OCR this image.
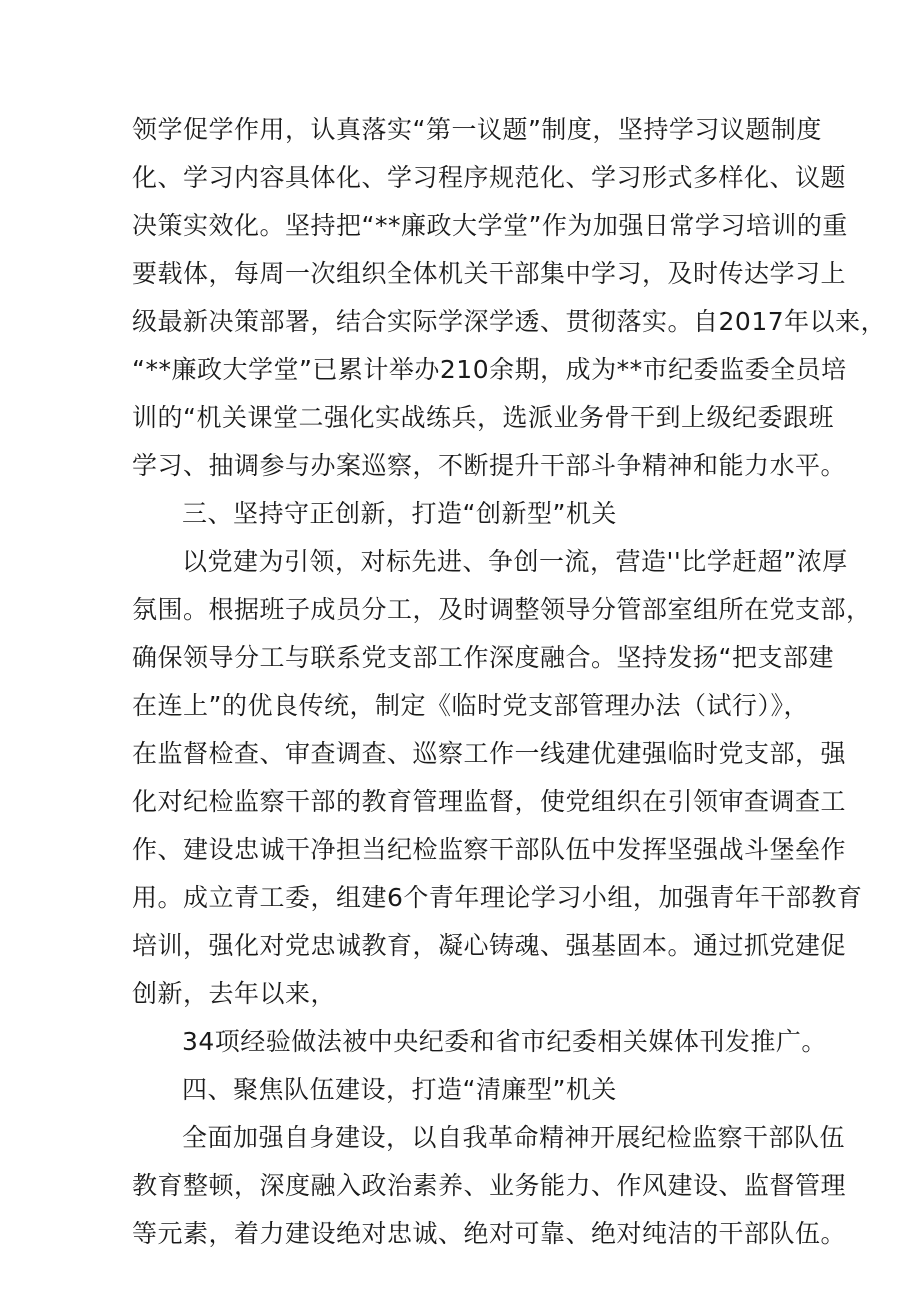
领学促学作用，认真落实“第一议题”制度，坚持学习议题制度
化、学习内容具体化、学习程序规范化、学习形式多样化、议题
决策实效化。坚持把“**廉政大学堂”作为加强日常学习培训的重
要载体，每周一次组织全体机关干部集中学习，及时传达学习上
级最新决策部署，结合实际学深学透、贯彻落实。自2017年以来，
“**廉政大学堂”已累计举办210余期，成为**市纪委监委全员培
训的“机关课堂二强化实战练兵，选派业务骨干到上级纪委跟班
学习、抽调参与办案巡察，不断提升干部斗争精神和能力水平。
三、坚持守正创新，打造“创新型”机关
以党建为引领，对标先进、争创一流，营造''比学赶超”浓厚
氛围。根据班子成员分工，及时调整领导分管部室组所在党支部，
确保领导分工与联系党支部工作深度融合。坚持发扬“把支部建
在连上”的优良传统，制定《临时党支部管理办法（试行）》，
在监督检查、审查调查、巡察工作一线建优建强临时党支部，强
化对纪检监察干部的教育管理监督，使党组织在引领审查调查工
作、建设忠诚干净担当纪检监察干部队伍中发挥坚强战斗堡垒作
用。成立青工委，组建6个青年理论学习小组，加强青年干部教育
培训，强化对党忠诚教育，凝心铸魂、强基固本。通过抓党建促
创新，去年以来，
34项经验做法被中央纪委和省市纪委相关媒体刊发推广。
四、聚焦队伍建设，打造“清廉型”机关
全面加强自身建设，以自我革命精神开展纪检监察干部队伍
教育整顿，深度融入政治素养、业务能力、作风建设、监督管理
等元素，着力建设绝对忠诚、绝对可靠、绝对纯洁的干部队伍。
